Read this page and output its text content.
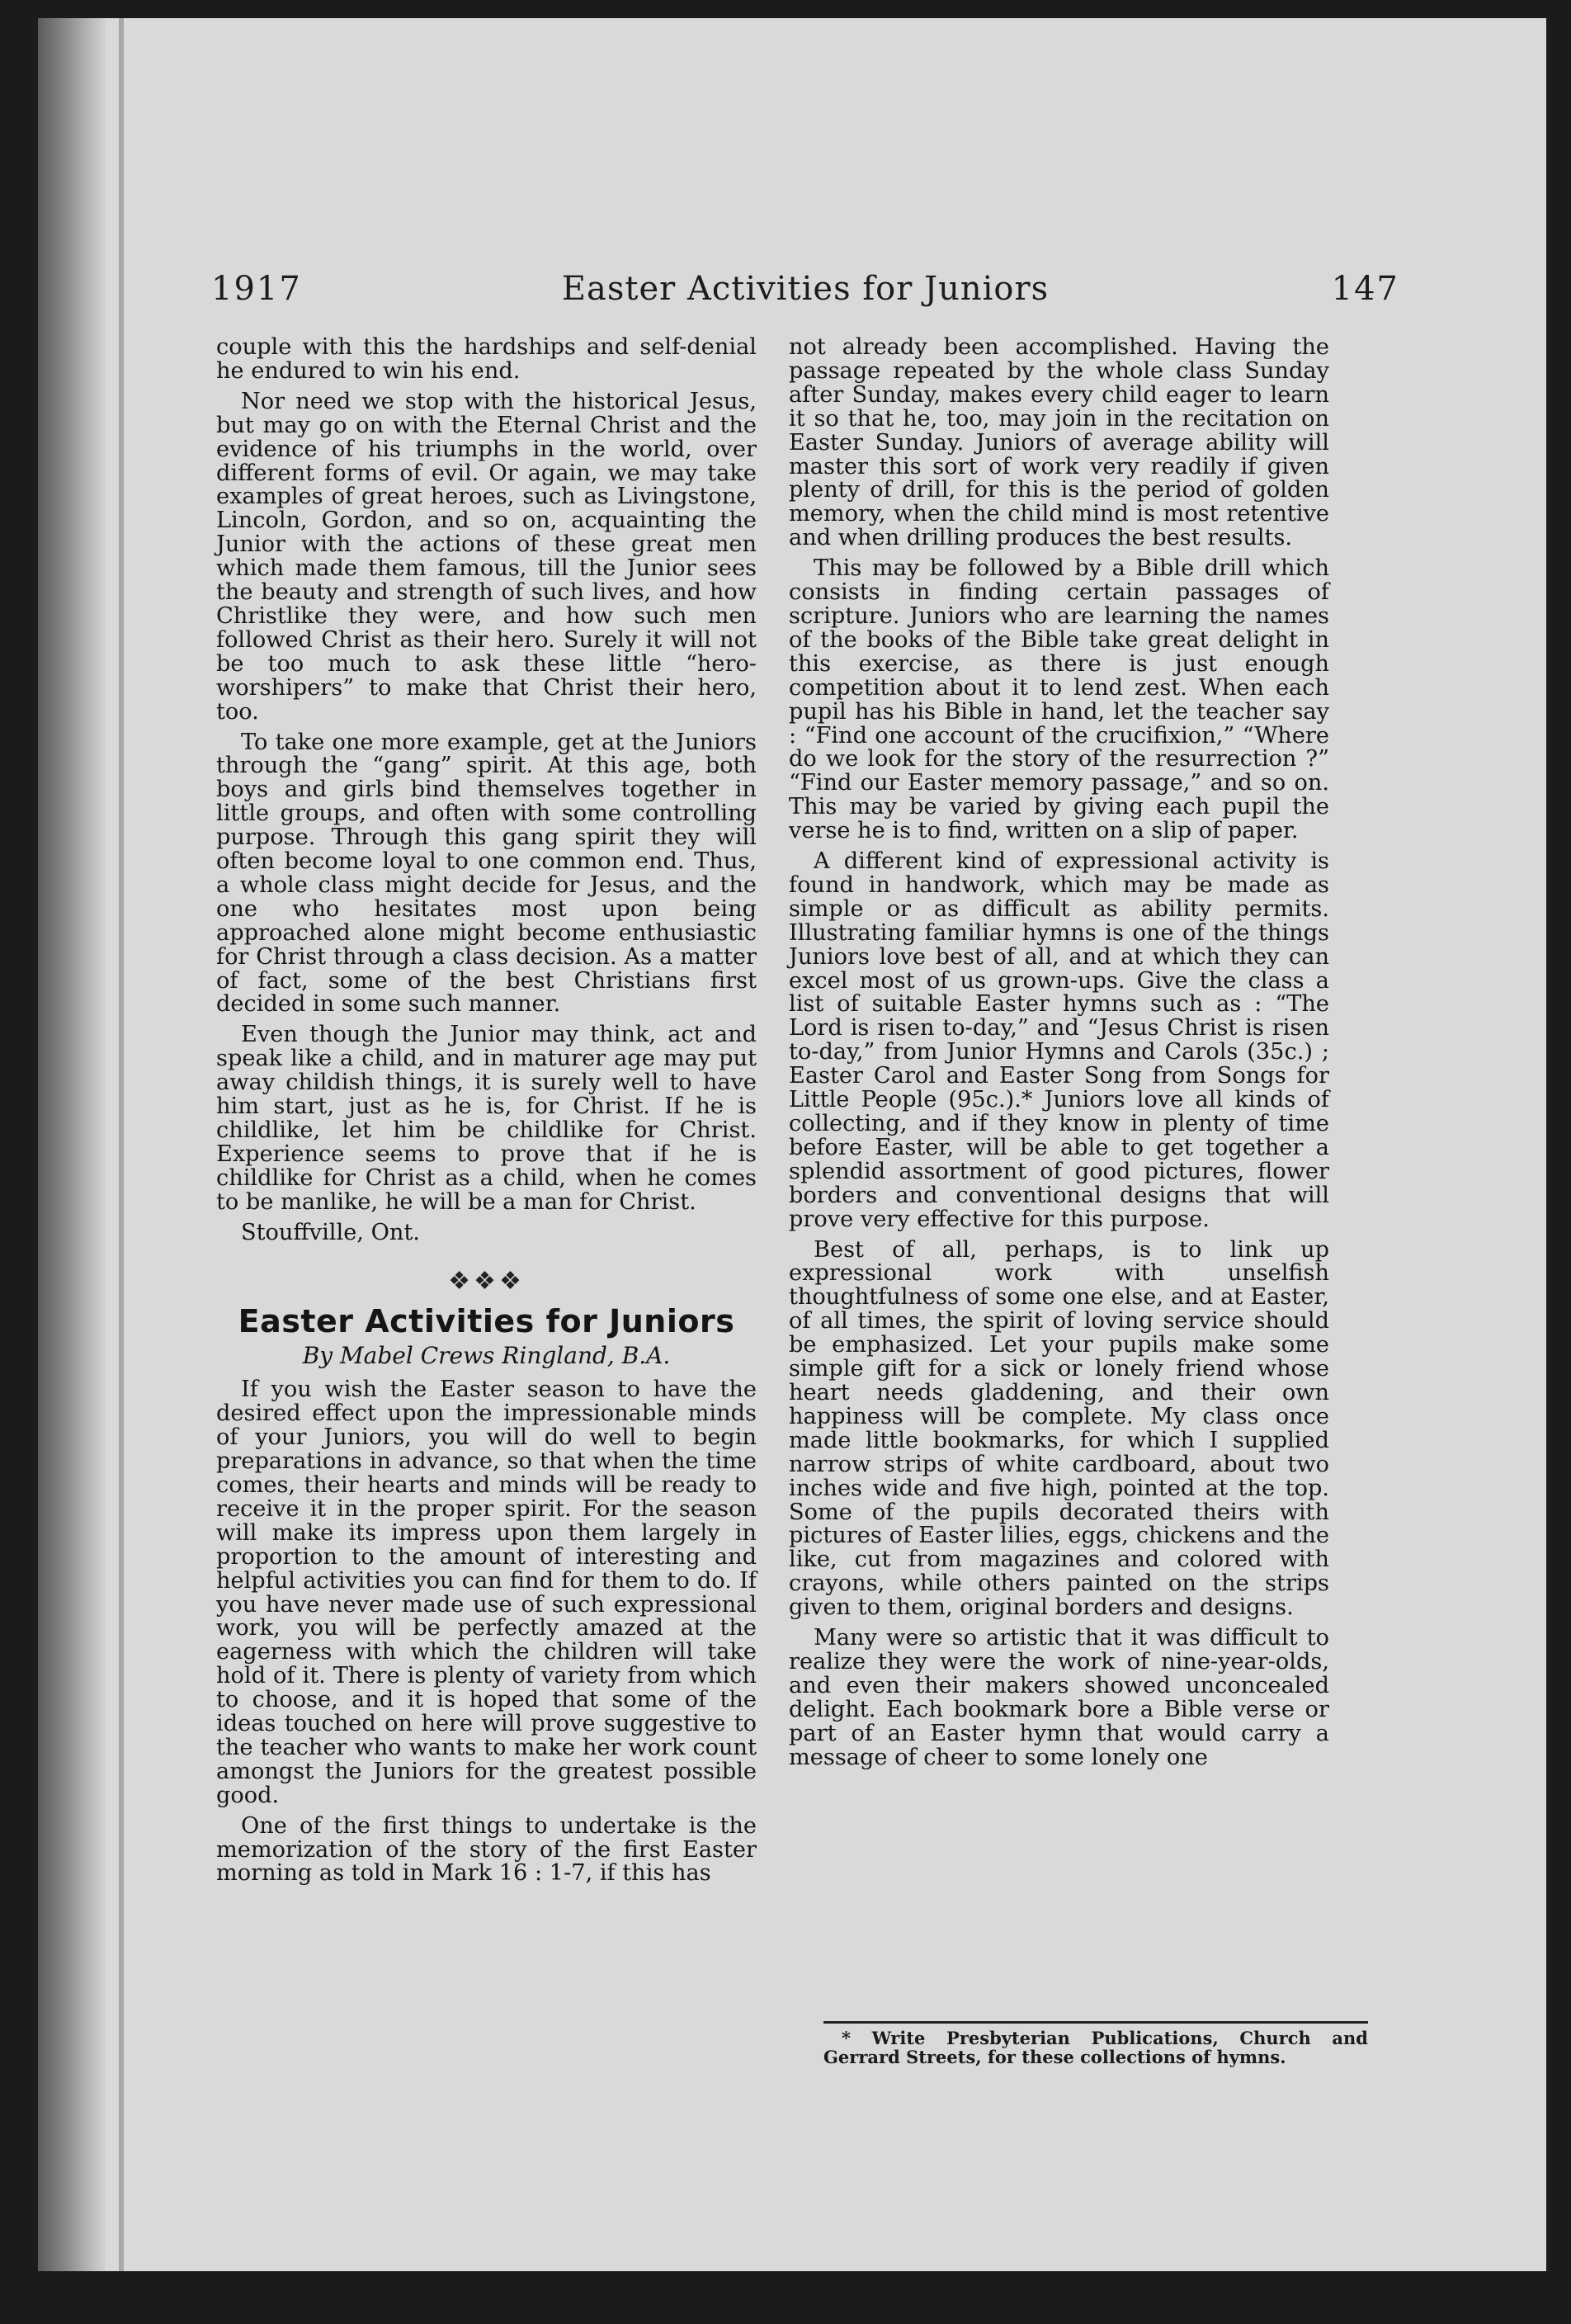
1917	Easter Activities for Juniors	147

couple with this the hardships and self-denial he endured to win his end.

Nor need we stop with the historical Jesus, but may go on with the Eternal Christ and the evidence of his triumphs in the world, over different forms of evil. Or again, we may take examples of great heroes, such as Livingstone, Lincoln, Gordon, and so on, acquainting the Junior with the actions of these great men which made them famous, till the Junior sees the beauty and strength of such lives, and how Christlike they were, and how such men followed Christ as their hero. Surely it will not be too much to ask these little “hero-worshipers” to make that Christ their hero, too.

To take one more example, get at the Juniors through the “gang” spirit. At this age, both boys and girls bind themselves together in little groups, and often with some controlling purpose. Through this gang spirit they will often become loyal to one common end. Thus, a whole class might decide for Jesus, and the one who hesitates most upon being approached alone might become enthusiastic for Christ through a class decision. As a matter of fact, some of the best Christians first decided in some such manner.

Even though the Junior may think, act and speak like a child, and in maturer age may put away childish things, it is surely well to have him start, just as he is, for Christ. If he is childlike, let him be childlike for Christ. Experience seems to prove that if he is childlike for Christ as a child, when he comes to be manlike, he will be a man for Christ.

Stouffville, Ont.

❖❖❖
Easter Activities for Juniors
By Mabel Crews Ringland, B.A.

If you wish the Easter season to have the desired effect upon the impressionable minds of your Juniors, you will do well to begin preparations in advance, so that when the time comes, their hearts and minds will be ready to receive it in the proper spirit. For the season will make its impress upon them largely in proportion to the amount of interesting and helpful activities you can find for them to do. If you have never made use of such expressional work, you will be perfectly amazed at the eagerness with which the children will take hold of it. There is plenty of variety from which to choose, and it is hoped that some of the ideas touched on here will prove suggestive to the teacher who wants to make her work count amongst the Juniors for the greatest possible good.

One of the first things to undertake is the memorization of the story of the first Easter morning as told in Mark 16 : 1-7, if this has

not already been accomplished. Having the passage repeated by the whole class Sunday after Sunday, makes every child eager to learn it so that he, too, may join in the recitation on Easter Sunday. Juniors of average ability will master this sort of work very readily if given plenty of drill, for this is the period of golden memory, when the child mind is most retentive and when drilling produces the best results.

This may be followed by a Bible drill which consists in finding certain passages of scripture. Juniors who are learning the names of the books of the Bible take great delight in this exercise, as there is just enough competition about it to lend zest. When each pupil has his Bible in hand, let the teacher say : “Find one account of the crucifixion,” “Where do we look for the story of the resurrection ?” “Find our Easter memory passage,” and so on. This may be varied by giving each pupil the verse he is to find, written on a slip of paper.

A different kind of expressional activity is found in handwork, which may be made as simple or as difficult as ability permits. Illustrating familiar hymns is one of the things Juniors love best of all, and at which they can excel most of us grown-ups. Give the class a list of suitable Easter hymns such as : “The Lord is risen to-day,” and “Jesus Christ is risen to-day,” from Junior Hymns and Carols (35c.) ; Easter Carol and Easter Song from Songs for Little People (95c.).* Juniors love all kinds of collecting, and if they know in plenty of time before Easter, will be able to get together a splendid assortment of good pictures, flower borders and conventional designs that will prove very effective for this purpose.

Best of all, perhaps, is to link up expressional work with unselfish thoughtfulness of some one else, and at Easter, of all times, the spirit of loving service should be emphasized. Let your pupils make some simple gift for a sick or lonely friend whose heart needs gladdening, and their own happiness will be complete. My class once made little bookmarks, for which I supplied narrow strips of white cardboard, about two inches wide and five high, pointed at the top. Some of the pupils decorated theirs with pictures of Easter lilies, eggs, chickens and the like, cut from magazines and colored with crayons, while others painted on the strips given to them, original borders and designs.

Many were so artistic that it was difficult to realize they were the work of nine-year-olds, and even their makers showed unconcealed delight. Each bookmark bore a Bible verse or part of an Easter hymn that would carry a message of cheer to some lonely one

* Write Presbyterian Publications, Church and Gerrard Streets, for these collections of hymns.
